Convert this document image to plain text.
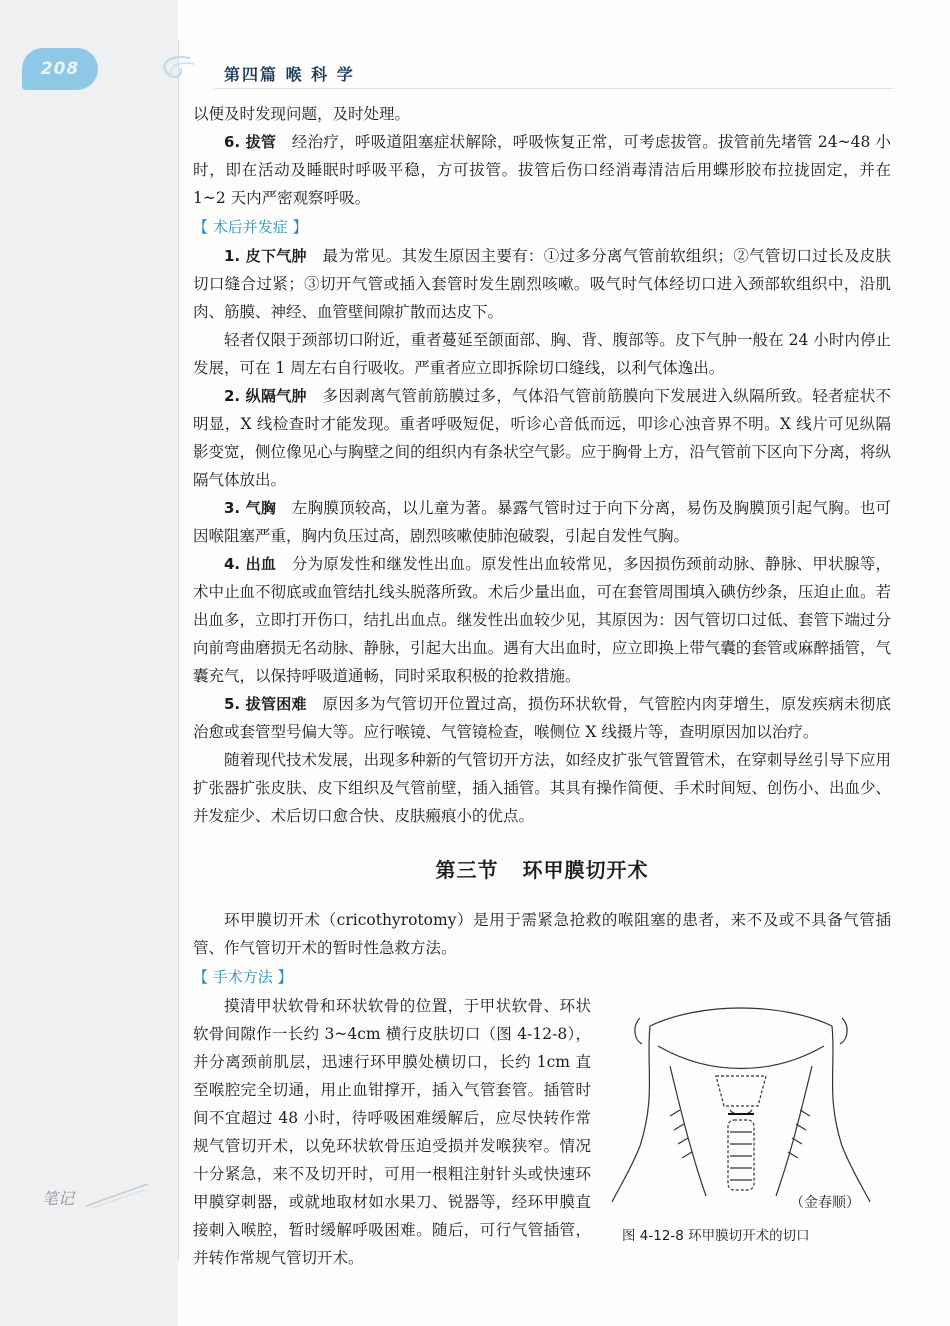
208	第四篇 喉 科 学

以便及时发现问题，及时处理。

6. 拔管 经治疗，呼吸道阻塞症状解除，呼吸恢复正常，可考虑拔管。拔管前先堵管 24~48 小时，即在活动及睡眠时呼吸平稳，方可拔管。拔管后伤口经消毒清洁后用蝶形胶布拉拢固定，并在 1~2 天内严密观察呼吸。

【 术后并发症 】

1. 皮下气肿 最为常见。其发生原因主要有：①过多分离气管前软组织；②气管切口过长及皮肤切口缝合过紧；③切开气管或插入套管时发生剧烈咳嗽。吸气时气体经切口进入颈部软组织中，沿肌肉、筋膜、神经、血管壁间隙扩散而达皮下。

轻者仅限于颈部切口附近，重者蔓延至颌面部、胸、背、腹部等。皮下气肿一般在 24 小时内停止发展，可在 1 周左右自行吸收。严重者应立即拆除切口缝线，以利气体逸出。

2. 纵隔气肿 多因剥离气管前筋膜过多，气体沿气管前筋膜向下发展进入纵隔所致。轻者症状不明显，X 线检查时才能发现。重者呼吸短促，听诊心音低而远，叩诊心浊音界不明。X 线片可见纵隔影变宽，侧位像见心与胸壁之间的组织内有条状空气影。应于胸骨上方，沿气管前下区向下分离，将纵隔气体放出。

3. 气胸 左胸膜顶较高，以儿童为著。暴露气管时过于向下分离，易伤及胸膜顶引起气胸。也可因喉阻塞严重，胸内负压过高，剧烈咳嗽使肺泡破裂，引起自发性气胸。

4. 出血 分为原发性和继发性出血。原发性出血较常见，多因损伤颈前动脉、静脉、甲状腺等，术中止血不彻底或血管结扎线头脱落所致。术后少量出血，可在套管周围填入碘仿纱条，压迫止血。若出血多，立即打开伤口，结扎出血点。继发性出血较少见，其原因为：因气管切口过低、套管下端过分向前弯曲磨损无名动脉、静脉，引起大出血。遇有大出血时，应立即换上带气囊的套管或麻醉插管，气囊充气，以保持呼吸道通畅，同时采取积极的抢救措施。

5. 拔管困难 原因多为气管切开位置过高，损伤环状软骨，气管腔内肉芽增生，原发疾病未彻底治愈或套管型号偏大等。应行喉镜、气管镜检查，喉侧位 X 线摄片等，查明原因加以治疗。

随着现代技术发展，出现多种新的气管切开方法，如经皮扩张气管置管术，在穿刺导丝引导下应用扩张器扩张皮肤、皮下组织及气管前壁，插入插管。其具有操作简便、手术时间短、创伤小、出血少、并发症少、术后切口愈合快、皮肤瘢痕小的优点。

第三节 环甲膜切开术

环甲膜切开术（cricothyrotomy）是用于需紧急抢救的喉阻塞的患者，来不及或不具备气管插管、作气管切开术的暂时性急救方法。

【 手术方法 】

摸清甲状软骨和环状软骨的位置，于甲状软骨、环状软骨间隙作一长约 3~4cm 横行皮肤切口（图 4-12-8），并分离颈前肌层，迅速行环甲膜处横切口，长约 1cm 直至喉腔完全切通，用止血钳撑开，插入气管套管。插管时间不宜超过 48 小时，待呼吸困难缓解后，应尽快转作常规气管切开术，以免环状软骨压迫受损并发喉狭窄。情况十分紧急，来不及切开时，可用一根粗注射针头或快速环甲膜穿刺器，或就地取材如水果刀、锐器等，经环甲膜直接刺入喉腔，暂时缓解呼吸困难。随后，可行气管插管，并转作常规气管切开术。

图 4-12-8 环甲膜切开术的切口
（金春顺）
笔记
